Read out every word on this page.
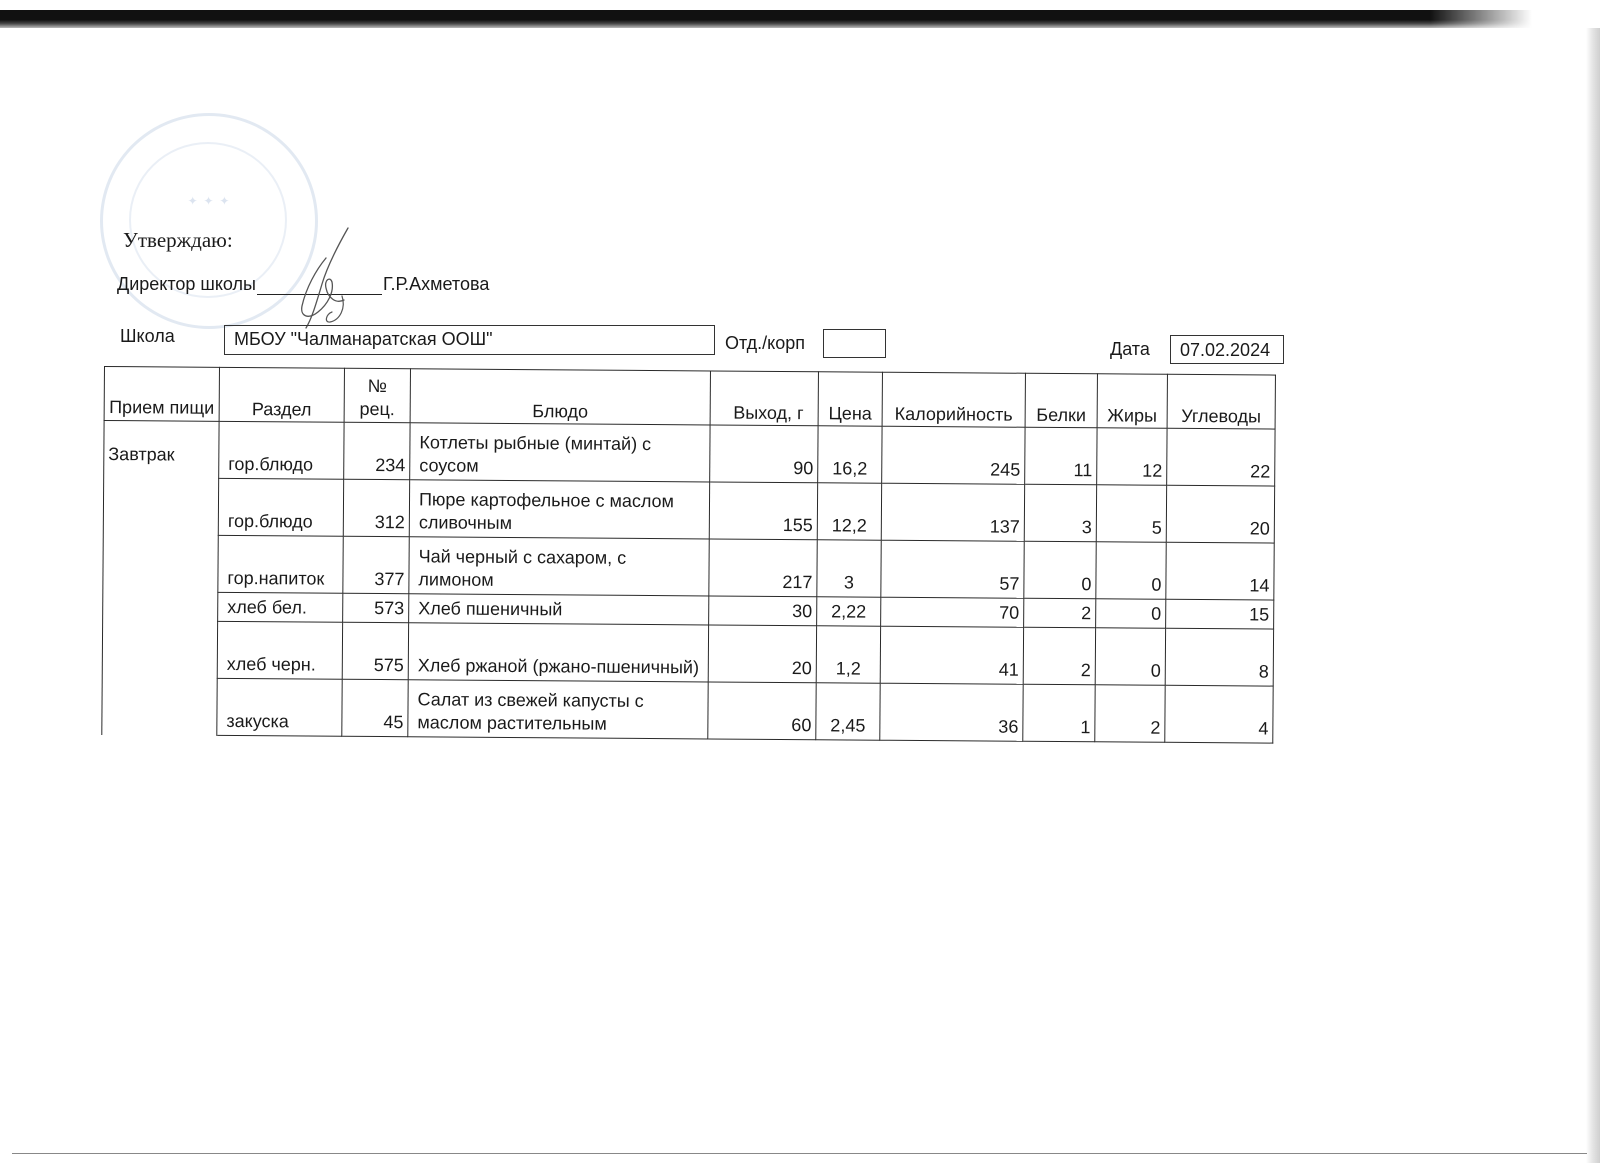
✦ ✦ ✦
Утверждаю:
Директор школы	Г.Р.Ахметова
Школа	МБОУ "Чалманаратская ООШ"	Отд./корп	Дата	07.02.2024
Прием пищи	Раздел	№ рец.	Блюдо	Выход, г	Цена	Калорийность	Белки	Жиры	Углеводы
Завтрак	гор.блюдо	234	Котлеты рыбные (минтай) с соусом	90	16,2	245	11	12	22
	гор.блюдо	312	Пюре картофельное с маслом сливочным	155	12,2	137	3	5	20
	гор.напиток	377	Чай черный с сахаром, с лимоном	217	3	57	0	0	14
	хлеб бел.	573	Хлеб пшеничный	30	2,22	70	2	0	15
	хлеб черн.	575	Хлеб ржаной (ржано-пшеничный)	20	1,2	41	2	0	8
	закуска	45	Салат из свежей капусты с маслом растительным	60	2,45	36	1	2	4
